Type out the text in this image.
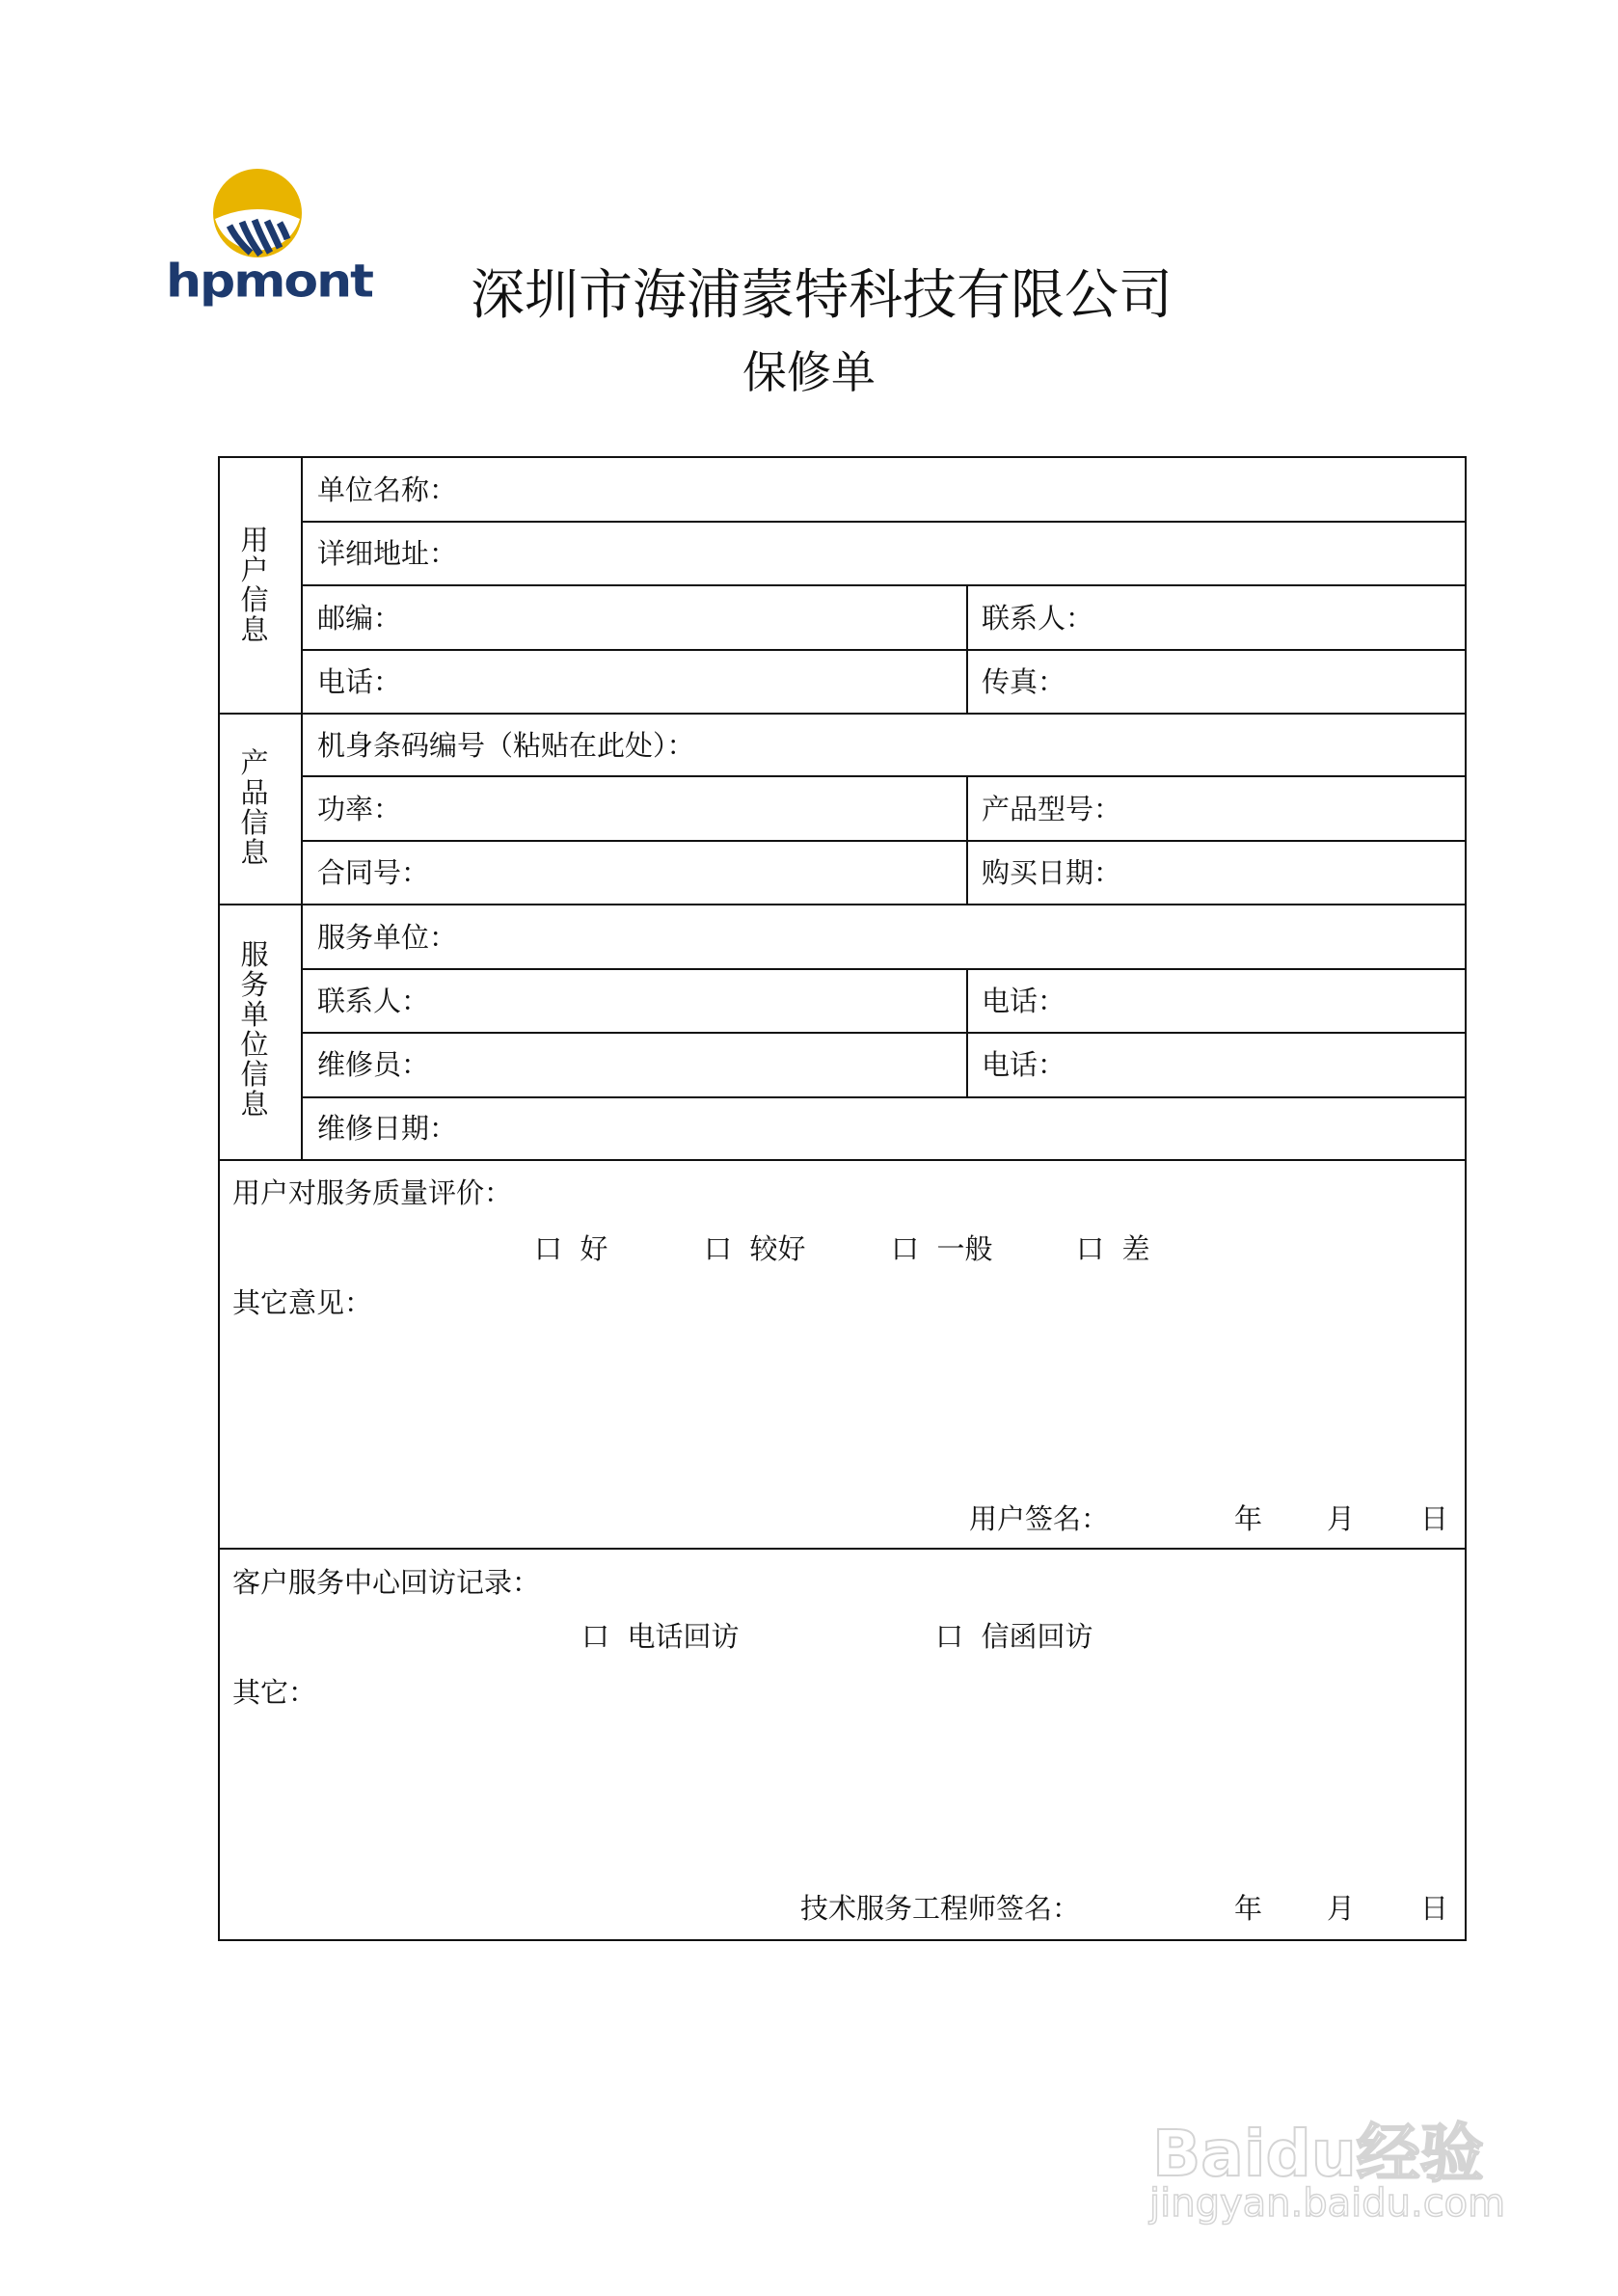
hpmont 深圳市海浦蒙特科技有限公司
保修单
用户信息
单位名称：
详细地址：
邮编：	联系人：
电话：	传真：
产品信息
机身条码编号（粘贴在此处）：
功率：	产品型号：
合同号：	购买日期：
服务单位信息
服务单位：
联系人：	电话：
维修员：	电话：
维修日期：
用户对服务质量评价：
口 好	口 较好	口 一般	口 差
其它意见：
用户签名：	年 月 日
客户服务中心回访记录：
口 电话回访	口 信函回访
其它：
技术服务工程师签名：	年 月 日
Baidu经验
jingyan.baidu.com
